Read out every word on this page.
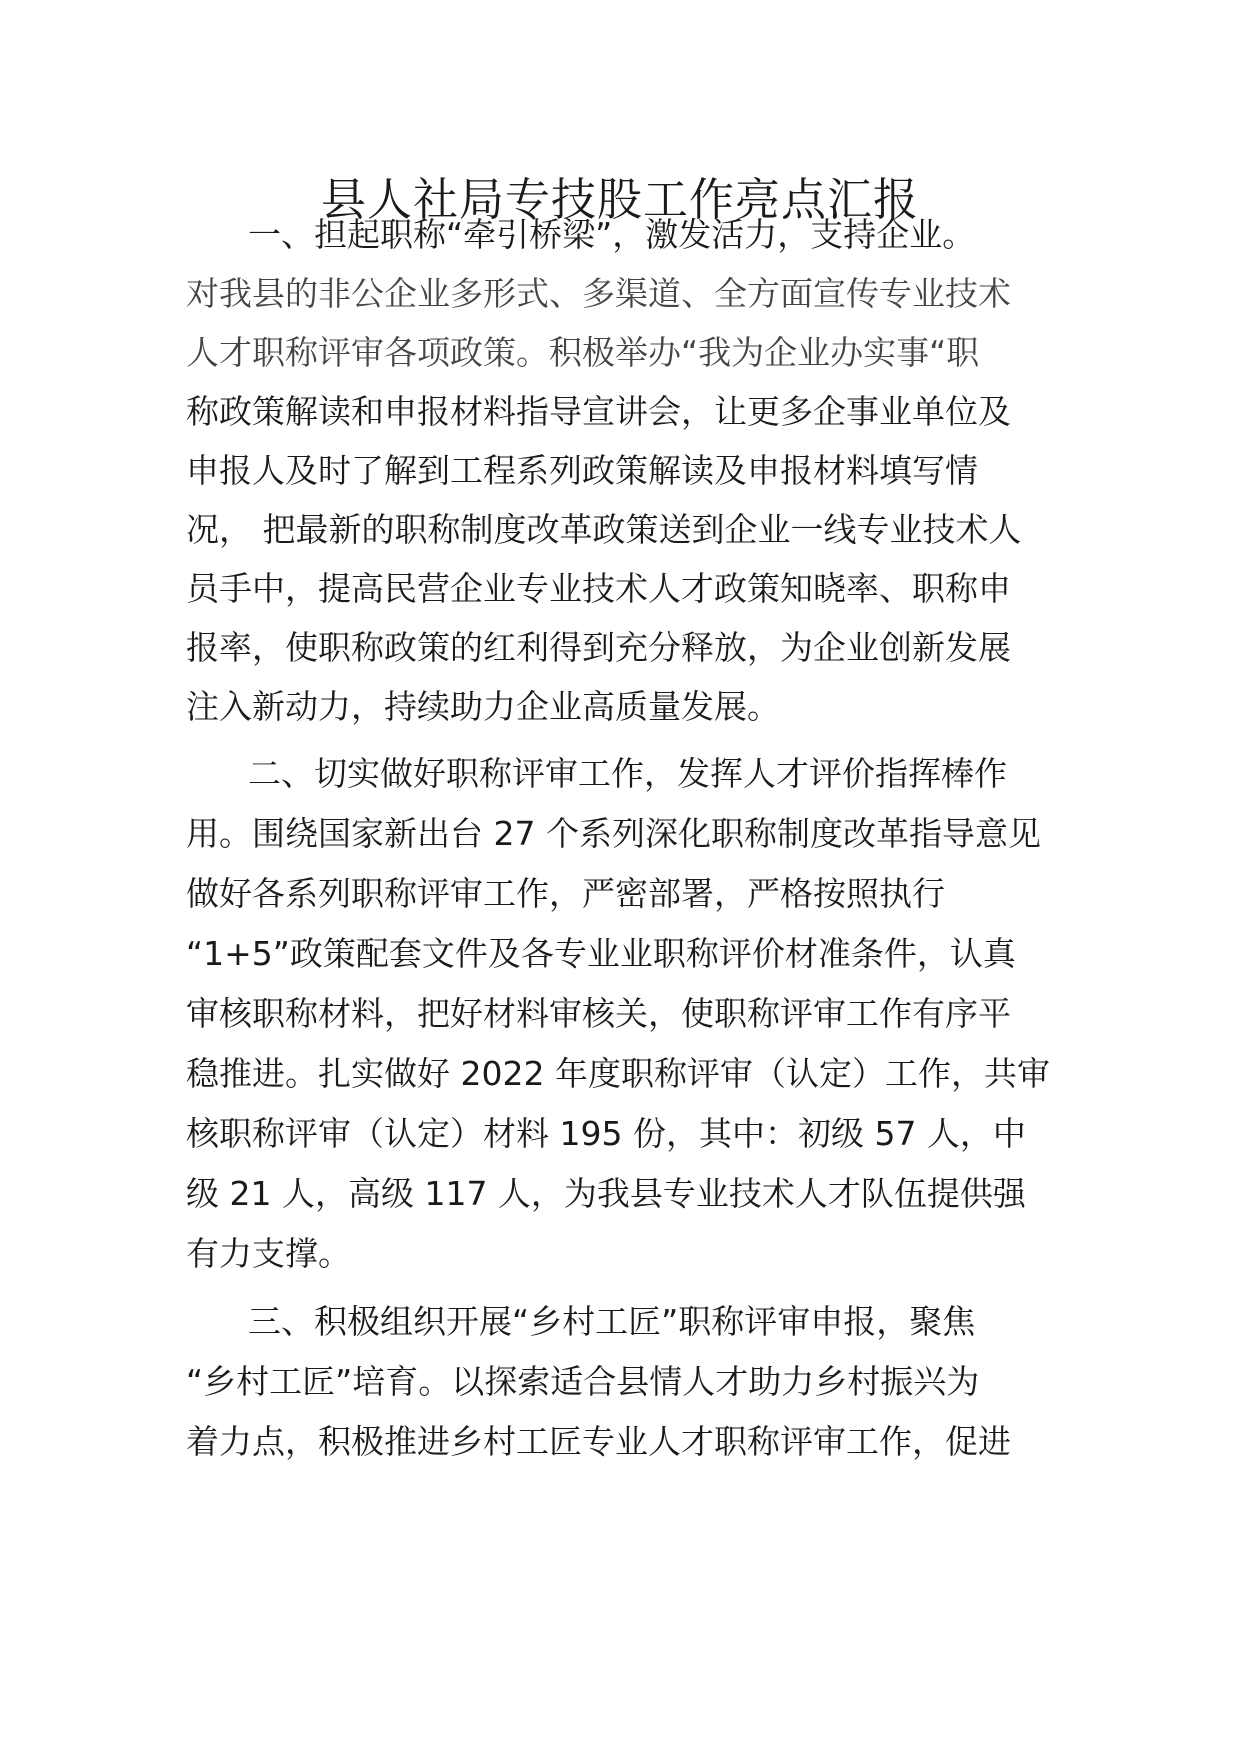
县人社局专技股工作亮点汇报

一、担起职称“牵引桥梁”，激发活力，支持企业。

对我县的非公企业多形式、多渠道、全方面宣传专业技术

人才职称评审各项政策。积极举办“我为企业办实事“职

称政策解读和申报材料指导宣讲会，让更多企事业单位及

申报人及时了解到工程系列政策解读及申报材料填写情

况， 把最新的职称制度改革政策送到企业一线专业技术人

员手中，提高民营企业专业技术人才政策知晓率、职称申

报率，使职称政策的红利得到充分释放，为企业创新发展

注入新动力，持续助力企业高质量发展。

二、切实做好职称评审工作，发挥人才评价指挥棒作

用。围绕国家新出台 27 个系列深化职称制度改革指导意见

做好各系列职称评审工作，严密部署，严格按照执行

“1+5”政策配套文件及各专业业职称评价材准条件，认真

审核职称材料，把好材料审核关，使职称评审工作有序平

稳推进。扎实做好 2022 年度职称评审（认定）工作，共审

核职称评审（认定）材料 195 份，其中：初级 57 人，中

级 21 人，高级 117 人，为我县专业技术人才队伍提供强

有力支撑。

三、积极组织开展“乡村工匠”职称评审申报，聚焦

“乡村工匠”培育。以探索适合县情人才助力乡村振兴为

着力点，积极推进乡村工匠专业人才职称评审工作，促进
